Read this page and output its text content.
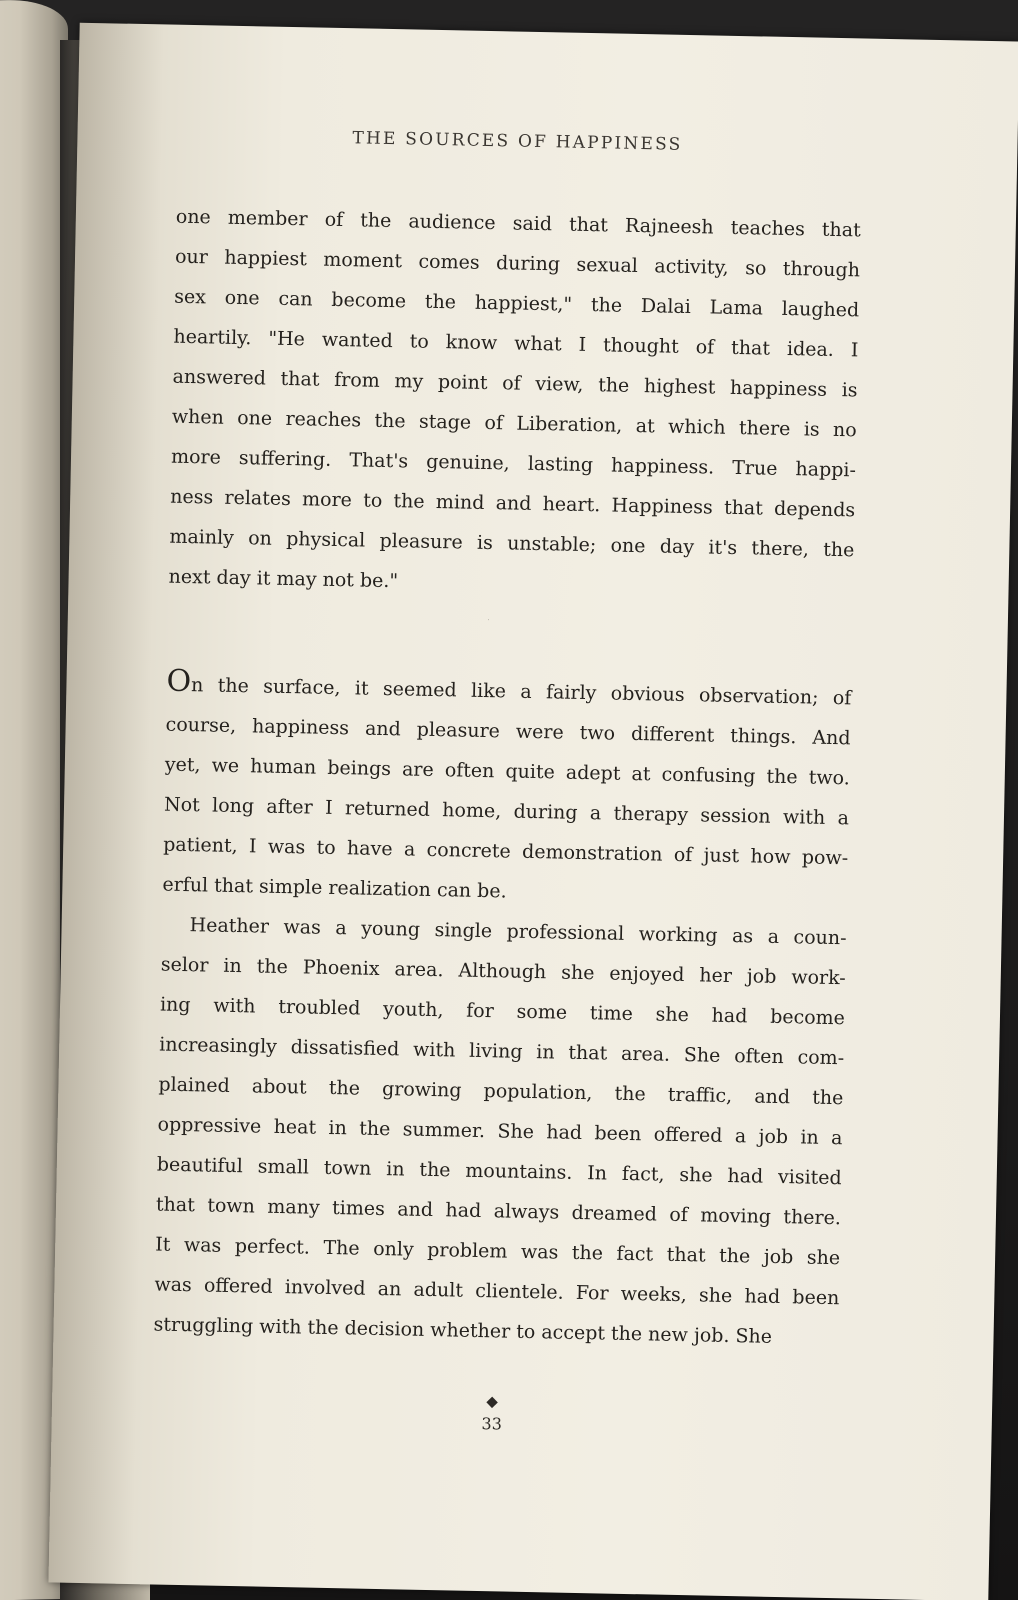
THE SOURCES OF HAPPINESS
one member of the audience said that Rajneesh teaches that
our happiest moment comes during sexual activity, so through
sex one can become the happiest," the Dalai Lama laughed
heartily. "He wanted to know what I thought of that idea. I
answered that from my point of view, the highest happiness is
when one reaches the stage of Liberation, at which there is no
more suffering. That's genuine, lasting happiness. True happi-
ness relates more to the mind and heart. Happiness that depends
mainly on physical pleasure is unstable; one day it's there, the
next day it may not be."
.
On the surface, it seemed like a fairly obvious observation; of
course, happiness and pleasure were two different things. And
yet, we human beings are often quite adept at confusing the two.
Not long after I returned home, during a therapy session with a
patient, I was to have a concrete demonstration of just how pow-
erful that simple realization can be.
Heather was a young single professional working as a coun-
selor in the Phoenix area. Although she enjoyed her job work-
ing with troubled youth, for some time she had become
increasingly dissatisfied with living in that area. She often com-
plained about the growing population, the traffic, and the
oppressive heat in the summer. She had been offered a job in a
beautiful small town in the mountains. In fact, she had visited
that town many times and had always dreamed of moving there.
It was perfect. The only problem was the fact that the job she
was offered involved an adult clientele. For weeks, she had been
struggling with the decision whether to accept the new job. She
◆
33
